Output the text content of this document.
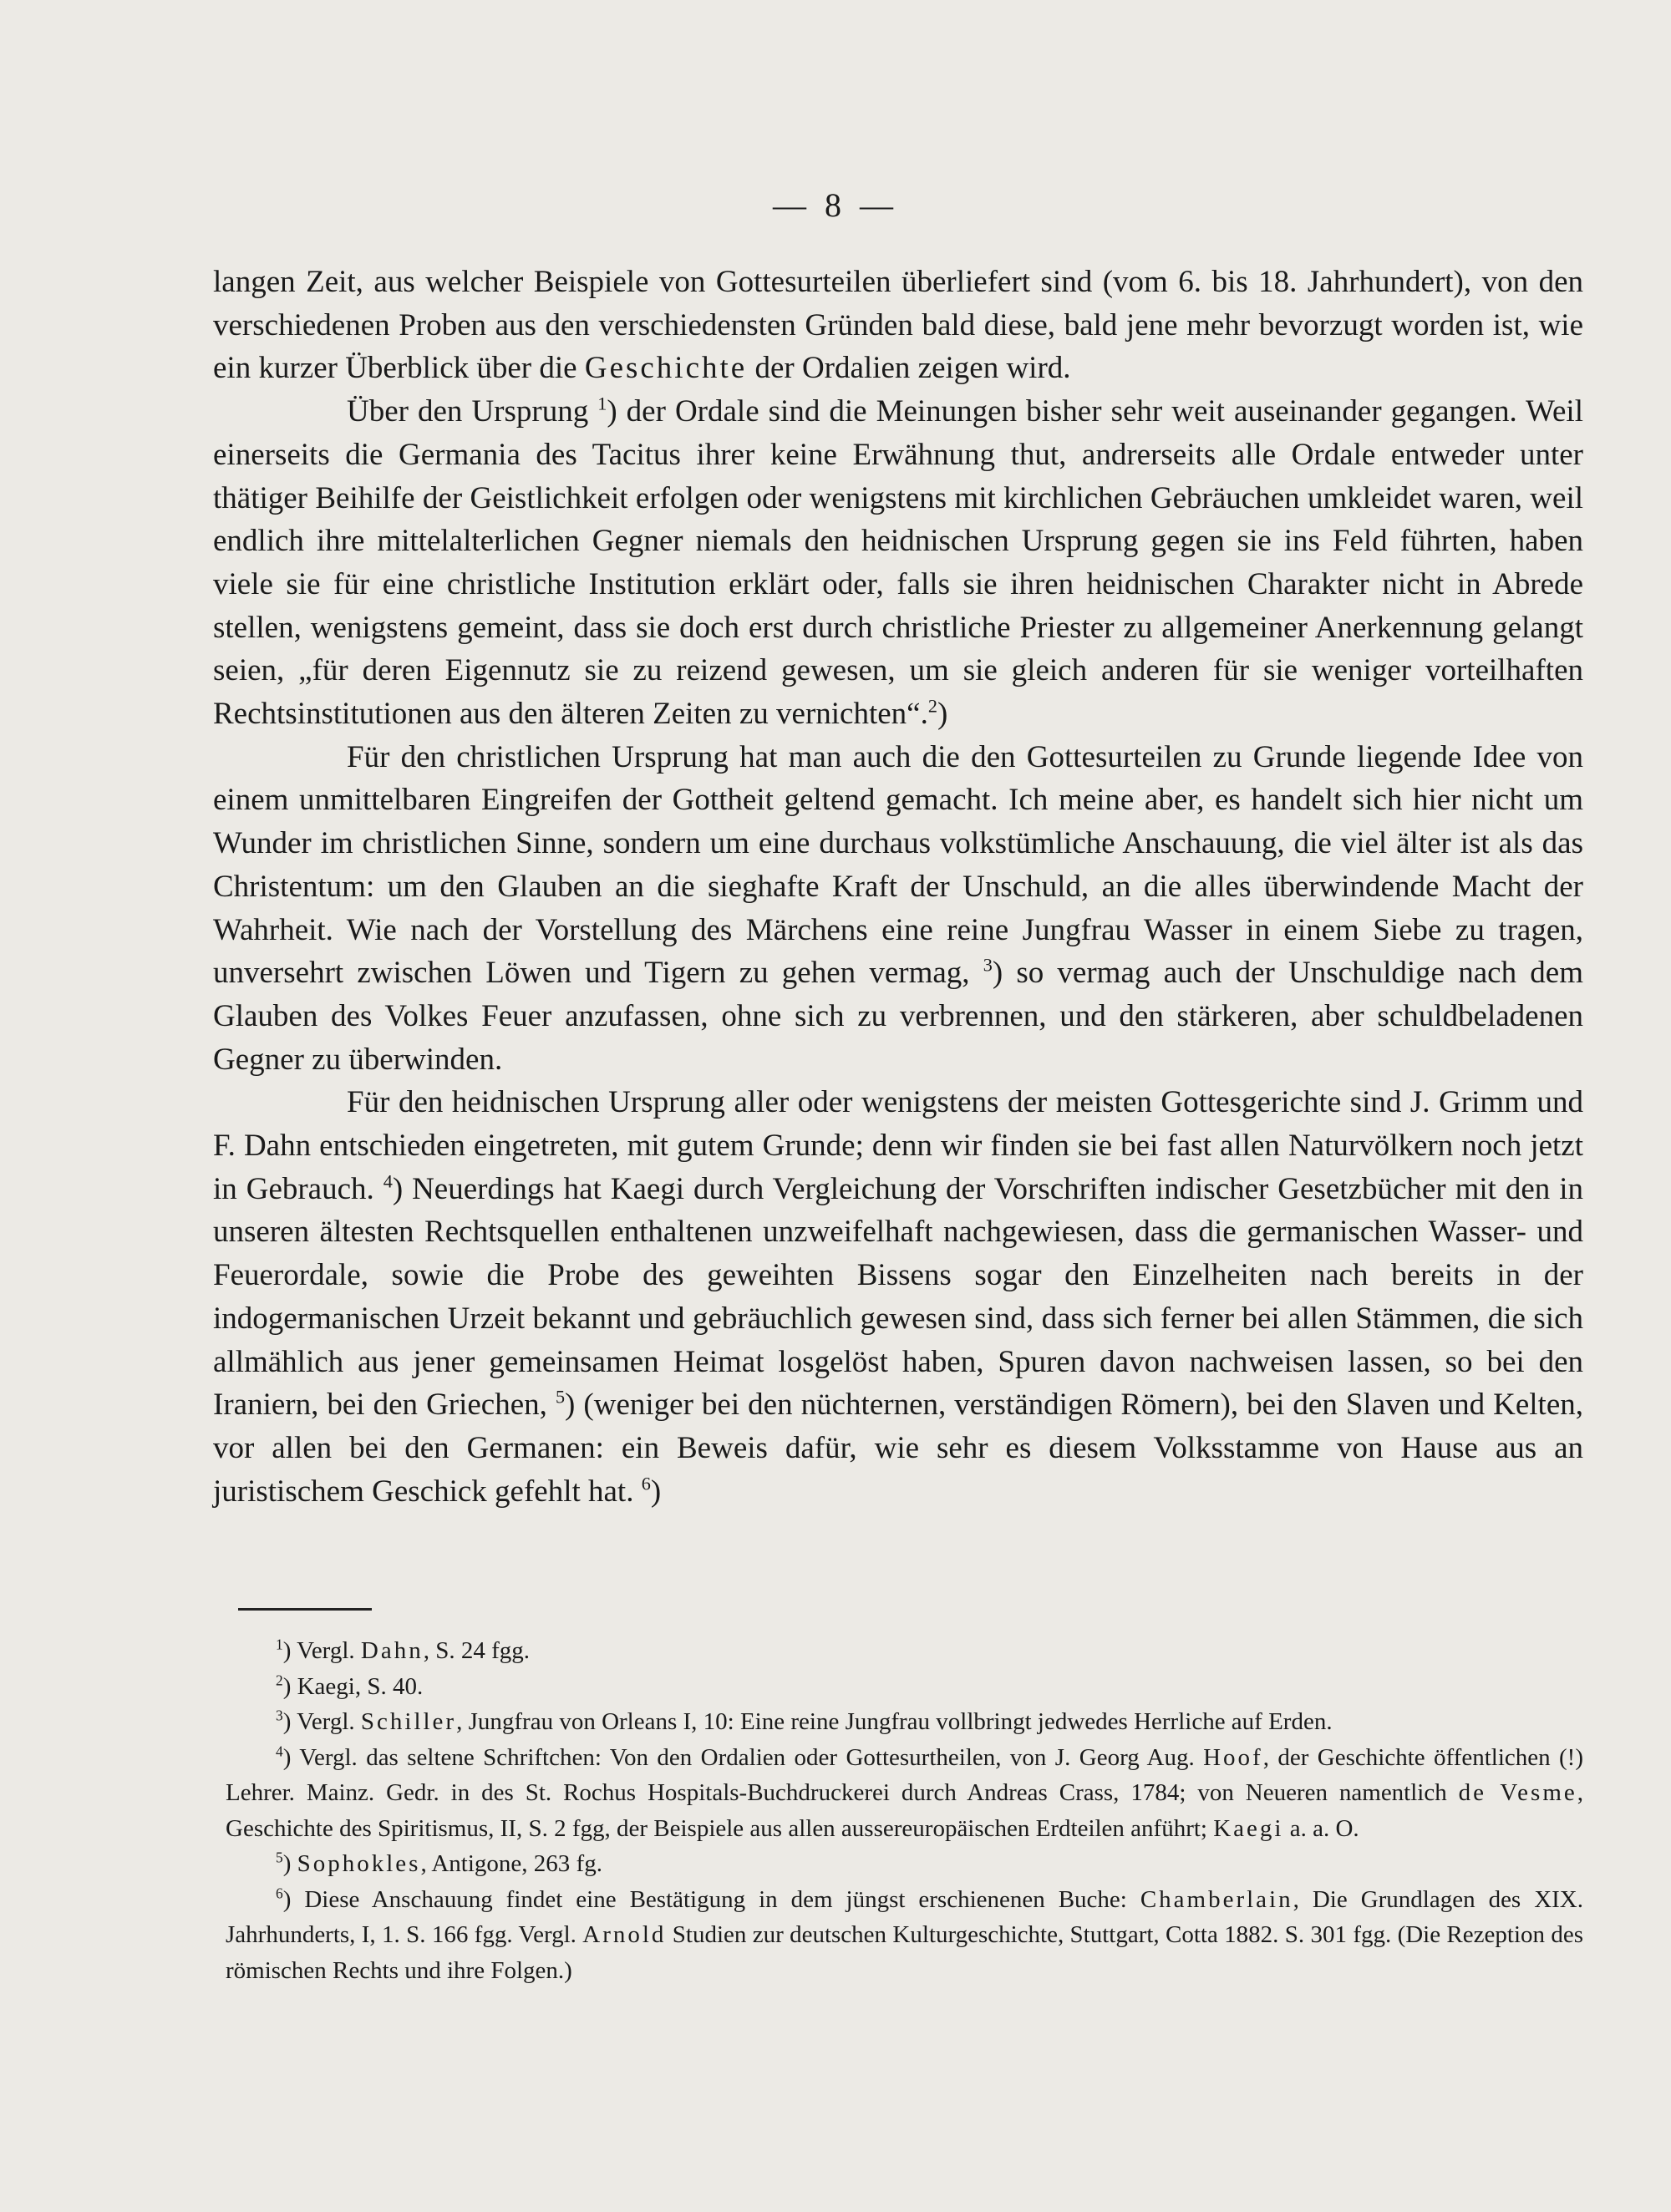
— 8 —

langen Zeit, aus welcher Beispiele von Gottesurteilen überliefert sind (vom 6. bis 18. Jahrhundert), von den verschiedenen Proben aus den verschiedensten Gründen bald diese, bald jene mehr bevorzugt worden ist, wie ein kurzer Überblick über die Geschichte der Ordalien zeigen wird.

Über den Ursprung $^1$) der Ordale sind die Meinungen bisher sehr weit auseinander gegangen. Weil einerseits die Germania des Tacitus ihrer keine Erwähnung thut, andrerseits alle Ordale entweder unter thätiger Beihilfe der Geistlichkeit erfolgen oder wenigstens mit kirchlichen Gebräuchen umkleidet waren, weil endlich ihre mittelalterlichen Gegner niemals den heidnischen Ursprung gegen sie ins Feld führten, haben viele sie für eine christliche Institution erklärt oder, falls sie ihren heidnischen Charakter nicht in Abrede stellen, wenigstens gemeint, dass sie doch erst durch christliche Priester zu allgemeiner Anerkennung gelangt seien, „für deren Eigennutz sie zu reizend gewesen, um sie gleich anderen für sie weniger vorteilhaften Rechtsinstitutionen aus den älteren Zeiten zu vernichten“.$^2$)

Für den christlichen Ursprung hat man auch die den Gottesurteilen zu Grunde liegende Idee von einem unmittelbaren Eingreifen der Gottheit geltend gemacht. Ich meine aber, es handelt sich hier nicht um Wunder im christlichen Sinne, sondern um eine durchaus volkstümliche Anschauung, die viel älter ist als das Christentum: um den Glauben an die sieghafte Kraft der Unschuld, an die alles überwindende Macht der Wahrheit. Wie nach der Vorstellung des Märchens eine reine Jungfrau Wasser in einem Siebe zu tragen, unversehrt zwischen Löwen und Tigern zu gehen vermag, $^3$) so vermag auch der Unschuldige nach dem Glauben des Volkes Feuer anzufassen, ohne sich zu verbrennen, und den stärkeren, aber schuldbeladenen Gegner zu überwinden.

Für den heidnischen Ursprung aller oder wenigstens der meisten Gottesgerichte sind J. Grimm und F. Dahn entschieden eingetreten, mit gutem Grunde; denn wir finden sie bei fast allen Naturvölkern noch jetzt in Gebrauch. $^4$) Neuerdings hat Kaegi durch Vergleichung der Vorschriften indischer Gesetzbücher mit den in unseren ältesten Rechtsquellen enthaltenen unzweifelhaft nachgewiesen, dass die germanischen Wasser- und Feuerordale, sowie die Probe des geweihten Bissens sogar den Einzelheiten nach bereits in der indogermanischen Urzeit bekannt und gebräuchlich gewesen sind, dass sich ferner bei allen Stämmen, die sich allmählich aus jener gemeinsamen Heimat losgelöst haben, Spuren davon nachweisen lassen, so bei den Iraniern, bei den Griechen, $^5$) (weniger bei den nüchternen, verständigen Römern), bei den Slaven und Kelten, vor allen bei den Germanen: ein Beweis dafür, wie sehr es diesem Volksstamme von Hause aus an juristischem Geschick gefehlt hat. $^6$)

$^1$) Vergl. Dahn, S. 24 fgg.

$^2$) Kaegi, S. 40.

$^3$) Vergl. Schiller, Jungfrau von Orleans I, 10: Eine reine Jungfrau vollbringt jedwedes Herrliche auf Erden.

$^4$) Vergl. das seltene Schriftchen: Von den Ordalien oder Gottesurtheilen, von J. Georg Aug. Hoof, der Geschichte öffentlichen (!) Lehrer. Mainz. Gedr. in des St. Rochus Hospitals-Buchdruckerei durch Andreas Crass, 1784; von Neueren namentlich de Vesme, Geschichte des Spiritismus, II, S. 2 fgg, der Beispiele aus allen aussereuropäischen Erdteilen anführt; Kaegi a. a. O.

$^5$) Sophokles, Antigone, 263 fg.

$^6$) Diese Anschauung findet eine Bestätigung in dem jüngst erschienenen Buche: Chamberlain, Die Grundlagen des XIX. Jahrhunderts, I, 1. S. 166 fgg. Vergl. Arnold Studien zur deutschen Kulturgeschichte, Stuttgart, Cotta 1882. S. 301 fgg. (Die Rezeption des römischen Rechts und ihre Folgen.)
